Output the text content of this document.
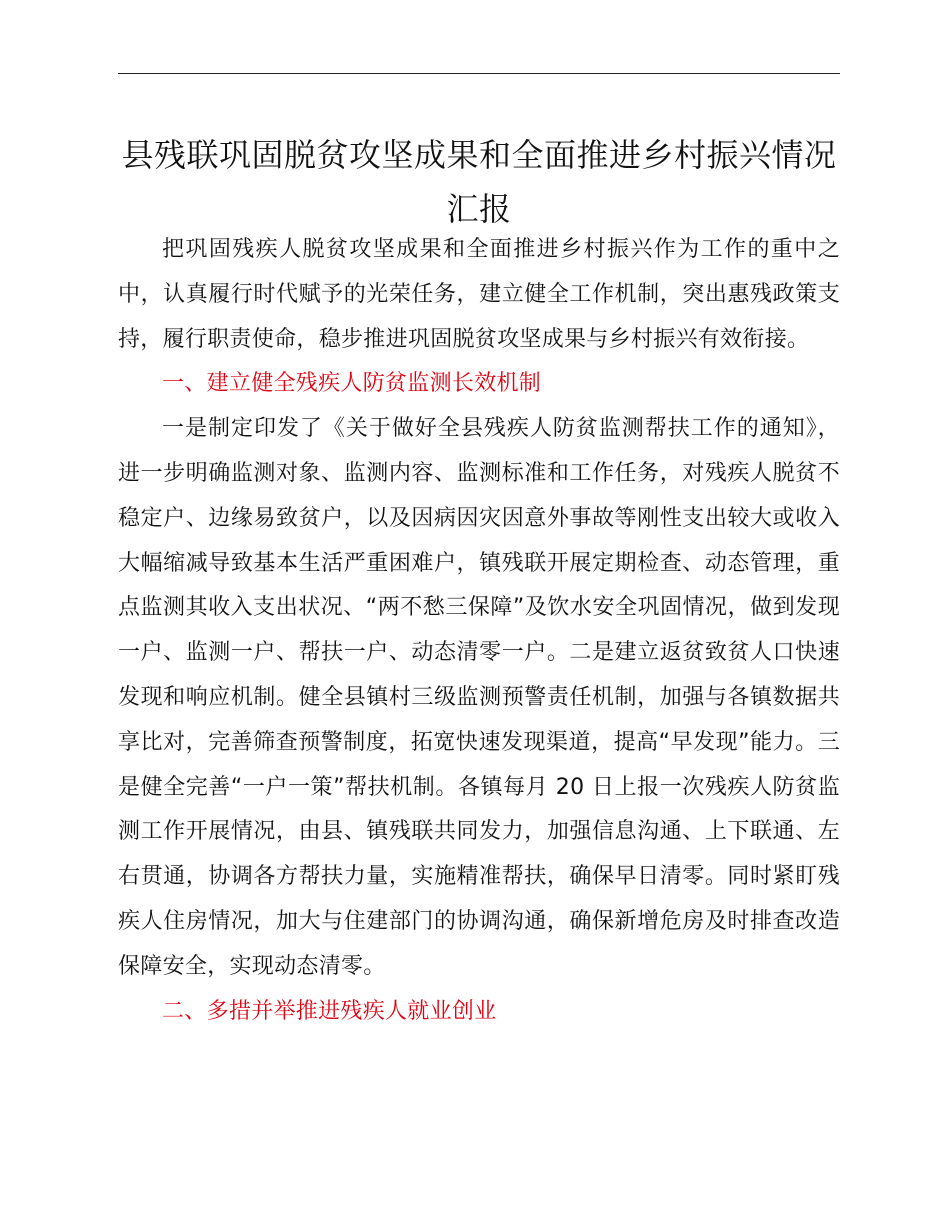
县残联巩固脱贫攻坚成果和全面推进乡村振兴情况汇报

把巩固残疾人脱贫攻坚成果和全面推进乡村振兴作为工作的重中之中，认真履行时代赋予的光荣任务，建立健全工作机制，突出惠残政策支持，履行职责使命，稳步推进巩固脱贫攻坚成果与乡村振兴有效衔接。

一、建立健全残疾人防贫监测长效机制

一是制定印发了《关于做好全县残疾人防贫监测帮扶工作的通知》，进一步明确监测对象、监测内容、监测标准和工作任务，对残疾人脱贫不稳定户、边缘易致贫户，以及因病因灾因意外事故等刚性支出较大或收入大幅缩减导致基本生活严重困难户，镇残联开展定期检查、动态管理，重点监测其收入支出状况、“两不愁三保障”及饮水安全巩固情况，做到发现一户、监测一户、帮扶一户、动态清零一户。二是建立返贫致贫人口快速发现和响应机制。健全县镇村三级监测预警责任机制，加强与各镇数据共享比对，完善筛查预警制度，拓宽快速发现渠道，提高“早发现”能力。三是健全完善“一户一策”帮扶机制。各镇每月 20 日上报一次残疾人防贫监测工作开展情况，由县、镇残联共同发力，加强信息沟通、上下联通、左右贯通，协调各方帮扶力量，实施精准帮扶，确保早日清零。同时紧盯残疾人住房情况，加大与住建部门的协调沟通，确保新增危房及时排查改造保障安全，实现动态清零。

二、多措并举推进残疾人就业创业
